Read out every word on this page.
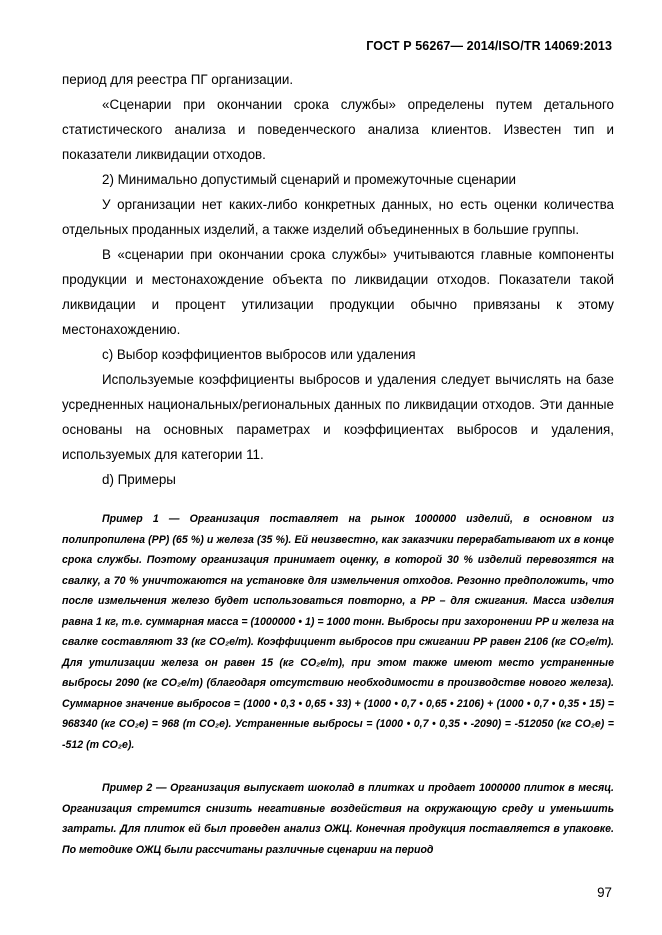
ГОСТ Р 56267— 2014/ISO/TR 14069:2013

период для реестра ПГ организации.

«Сценарии при окончании срока службы» определены путем детального статистического анализа и поведенческого анализа клиентов. Известен тип и показатели ликвидации отходов.

2) Минимально допустимый сценарий и промежуточные сценарии

У организации нет каких-либо конкретных данных, но есть оценки количества отдельных проданных изделий, а также изделий объединенных в большие группы.

В «сценарии при окончании срока службы» учитываются главные компоненты продукции и местонахождение объекта по ликвидации отходов. Показатели такой ликвидации и процент утилизации продукции обычно привязаны к этому местонахождению.

c) Выбор коэффициентов выбросов или удаления

Используемые коэффициенты выбросов и удаления следует вычислять на базе усредненных национальных/региональных данных по ликвидации отходов. Эти данные основаны на основных параметрах и коэффициентах выбросов и удаления, используемых для категории 11.

d) Примеры

Пример 1 — Организация поставляет на рынок 1000000 изделий, в основном из полипропилена (PP) (65 %) и железа (35 %). Ей неизвестно, как заказчики перерабатывают их в конце срока службы. Поэтому организация принимает оценку, в которой 30 % изделий перевозятся на свалку, а 70 % уничтожаются на установке для измельчения отходов. Резонно предположить, что после измельчения железо будет использоваться повторно, а PP – для сжигания. Масса изделия равна 1 кг, т.е. суммарная масса = (1000000 • 1) = 1000 тонн. Выбросы при захоронении PP и железа на свалке составляют 33 (кг CO₂e/т). Коэффициент выбросов при сжигании PP равен 2106 (кг CO₂e/т). Для утилизации железа он равен 15 (кг CO₂e/т), при этом также имеют место устраненные выбросы 2090 (кг CO₂e/т) (благодаря отсутствию необходимости в производстве нового железа). Суммарное значение выбросов = (1000 • 0,3 • 0,65 • 33) + (1000 • 0,7 • 0,65 • 2106) + (1000 • 0,7 • 0,35 • 15) = 968340 (кг CO₂e) = 968 (т CO₂e). Устраненные выбросы = (1000 • 0,7 • 0,35 • -2090) = -512050 (кг CO₂e) = -512 (т CO₂e).

Пример 2 — Организация выпускает шоколад в плитках и продает 1000000 плиток в месяц. Организация стремится снизить негативные воздействия на окружающую среду и уменьшить затраты. Для плиток ей был проведен анализ ОЖЦ. Конечная продукция поставляется в упаковке. По методике ОЖЦ были рассчитаны различные сценарии на период

97
